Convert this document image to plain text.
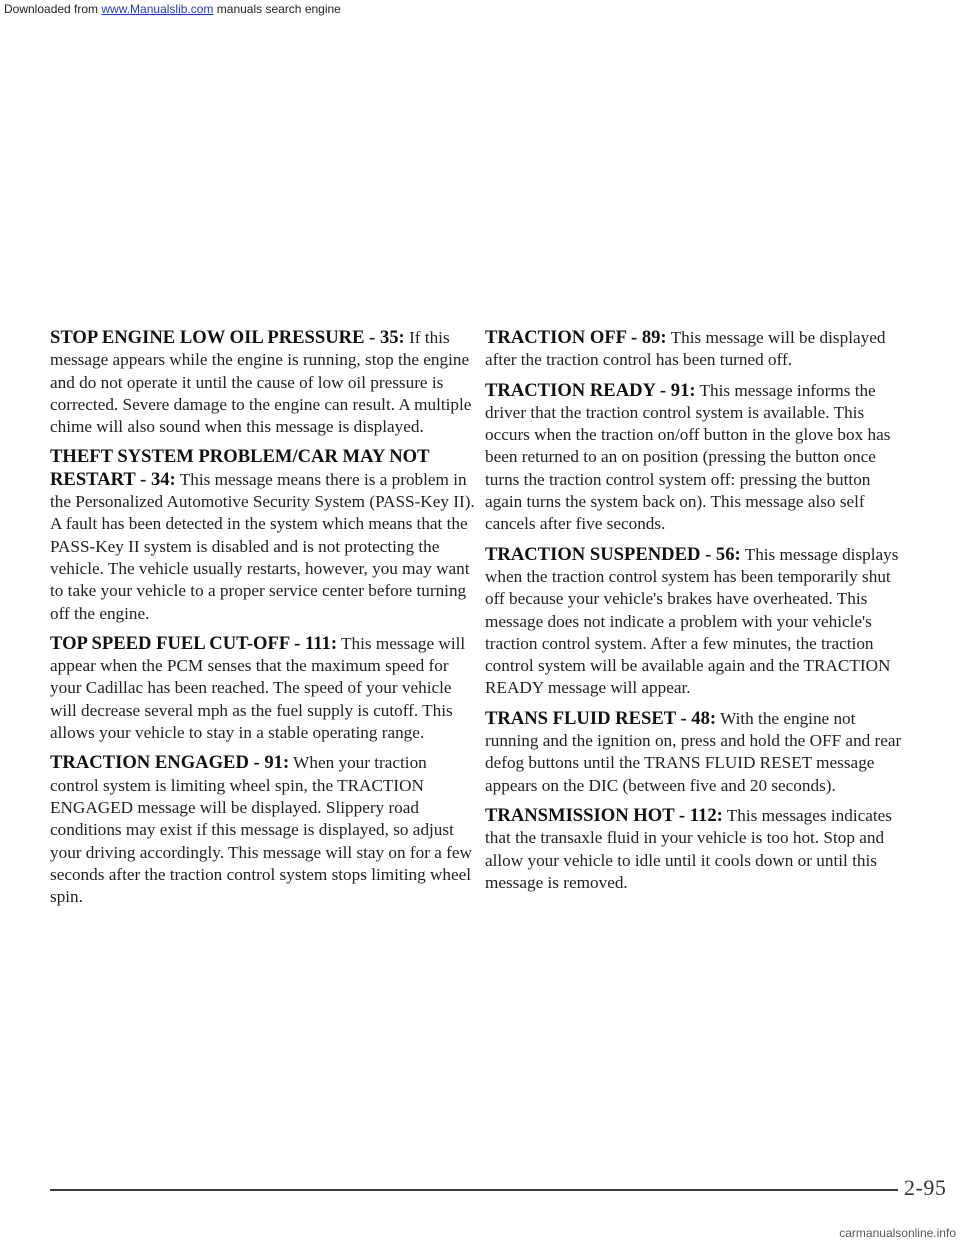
Downloaded from www.Manualslib.com manuals search engine

STOP ENGINE LOW OIL PRESSURE - 35: If this message appears while the engine is running, stop the engine and do not operate it until the cause of low oil pressure is corrected. Severe damage to the engine can result. A multiple chime will also sound when this message is displayed.

THEFT SYSTEM PROBLEM/CAR MAY NOT RESTART - 34: This message means there is a problem in the Personalized Automotive Security System (PASS-Key II). A fault has been detected in the system which means that the PASS-Key II system is disabled and is not protecting the vehicle. The vehicle usually restarts, however, you may want to take your vehicle to a proper service center before turning off the engine.

TOP SPEED FUEL CUT-OFF - 111: This message will appear when the PCM senses that the maximum speed for your Cadillac has been reached. The speed of your vehicle will decrease several mph as the fuel supply is cutoff. This allows your vehicle to stay in a stable operating range.

TRACTION ENGAGED - 91: When your traction control system is limiting wheel spin, the TRACTION ENGAGED message will be displayed. Slippery road conditions may exist if this message is displayed, so adjust your driving accordingly. This message will stay on for a few seconds after the traction control system stops limiting wheel spin.

TRACTION OFF - 89: This message will be displayed after the traction control has been turned off.

TRACTION READY - 91: This message informs the driver that the traction control system is available. This occurs when the traction on/off button in the glove box has been returned to an on position (pressing the button once turns the traction control system off: pressing the button again turns the system back on). This message also self cancels after five seconds.

TRACTION SUSPENDED - 56: This message displays when the traction control system has been temporarily shut off because your vehicle's brakes have overheated. This message does not indicate a problem with your vehicle's traction control system. After a few minutes, the traction control system will be available again and the TRACTION READY message will appear.

TRANS FLUID RESET - 48: With the engine not running and the ignition on, press and hold the OFF and rear defog buttons until the TRANS FLUID RESET message appears on the DIC (between five and 20 seconds).

TRANSMISSION HOT - 112: This messages indicates that the transaxle fluid in your vehicle is too hot. Stop and allow your vehicle to idle until it cools down or until this message is removed.

2-95
carmanualsonline.info
